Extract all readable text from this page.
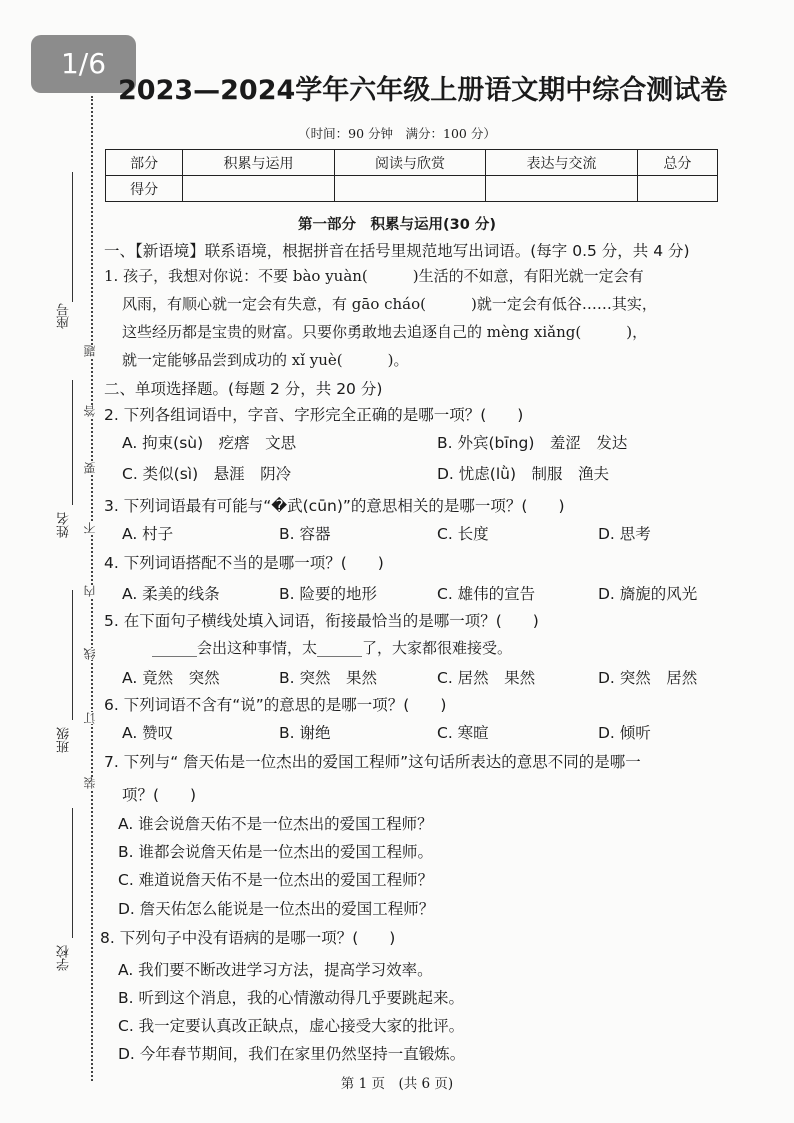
1/6
2023—2024学年六年级上册语文期中综合测试卷
（时间：90 分钟　满分：100 分）
座号
姓名
班级
学校
题
答
要
不
内
线
订
装
部分	积累与运用	阅读与欣赏	表达与交流	总分
得分				
第一部分　积累与运用(30 分)
一、【新语境】联系语境，根据拼音在括号里规范地写出词语。(每字 0.5 分，共 4 分)
1. 孩子，我想对你说：不要 bào yuàn(　　　)生活的不如意，有阳光就一定会有
风雨，有顺心就一定会有失意，有 gāo cháo(　　　)就一定会有低谷……其实，
这些经历都是宝贵的财富。只要你勇敢地去追逐自己的 mèng xiǎng(　　　)，
就一定能够品尝到成功的 xǐ yuè(　　　)。
二、单项选择题。(每题 2 分，共 20 分)
2. 下列各组词语中，字音、字形完全正确的是哪一项？(　　)
A. 拘束(sù)　疙瘩　文思	B. 外宾(bīng)　羞涩　发达
C. 类似(sì)　悬涯　阴冷	D. 忧虑(lǜ)　制服　渔夫
3. 下列词语最有可能与“�武(cūn)”的意思相关的是哪一项？(　　)
A. 村子	B. 容器	C. 长度	D. 思考
4. 下列词语搭配不当的是哪一项？(　　)
A. 柔美的线条	B. 险要的地形	C. 雄伟的宣告	D. 旖旎的风光
5. 在下面句子横线处填入词语，衔接最恰当的是哪一项？(　　)
______会出这种事情，太______了，大家都很难接受。
A. 竟然　突然	B. 突然　果然	C. 居然　果然	D. 突然　居然
6. 下列词语不含有“说”的意思的是哪一项？(　　)
A. 赞叹	B. 谢绝	C. 寒暄	D. 倾听
7. 下列与“ 詹天佑是一位杰出的爱国工程师”这句话所表达的意思不同的是哪一
项？(　　)
A. 谁会说詹天佑不是一位杰出的爱国工程师？
B. 谁都会说詹天佑是一位杰出的爱国工程师。
C. 难道说詹天佑不是一位杰出的爱国工程师？
D. 詹天佑怎么能说是一位杰出的爱国工程师？
8. 下列句子中没有语病的是哪一项？(　　)
A. 我们要不断改进学习方法，提高学习效率。
B. 听到这个消息，我的心情激动得几乎要跳起来。
C. 我一定要认真改正缺点，虚心接受大家的批评。
D. 今年春节期间，我们在家里仍然坚持一直锻炼。
第 1 页　(共 6 页)
